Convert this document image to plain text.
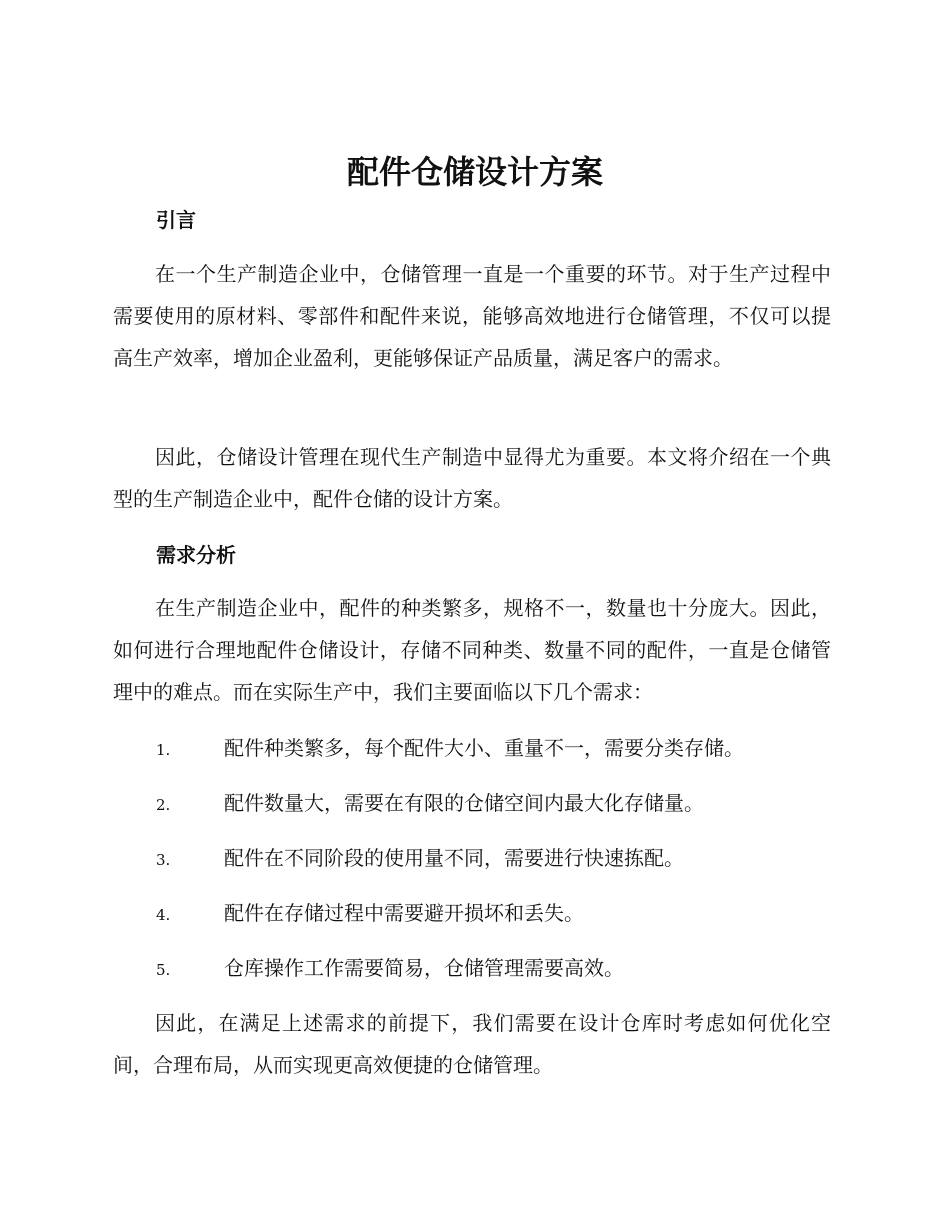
配件仓储设计方案
引言

在一个生产制造企业中，仓储管理一直是一个重要的环节。对于生产过程中需要使用的原材料、零部件和配件来说，能够高效地进行仓储管理，不仅可以提高生产效率，增加企业盈利，更能够保证产品质量，满足客户的需求。

因此，仓储设计管理在现代生产制造中显得尤为重要。本文将介绍在一个典型的生产制造企业中，配件仓储的设计方案。

需求分析

在生产制造企业中，配件的种类繁多，规格不一，数量也十分庞大。因此，如何进行合理地配件仓储设计，存储不同种类、数量不同的配件，一直是仓储管理中的难点。而在实际生产中，我们主要面临以下几个需求：

1.	配件种类繁多，每个配件大小、重量不一，需要分类存储。
2.	配件数量大，需要在有限的仓储空间内最大化存储量。
3.	配件在不同阶段的使用量不同，需要进行快速拣配。
4.	配件在存储过程中需要避开损坏和丢失。
5.	仓库操作工作需要简易，仓储管理需要高效。

因此，在满足上述需求的前提下，我们需要在设计仓库时考虑如何优化空间，合理布局，从而实现更高效便捷的仓储管理。
